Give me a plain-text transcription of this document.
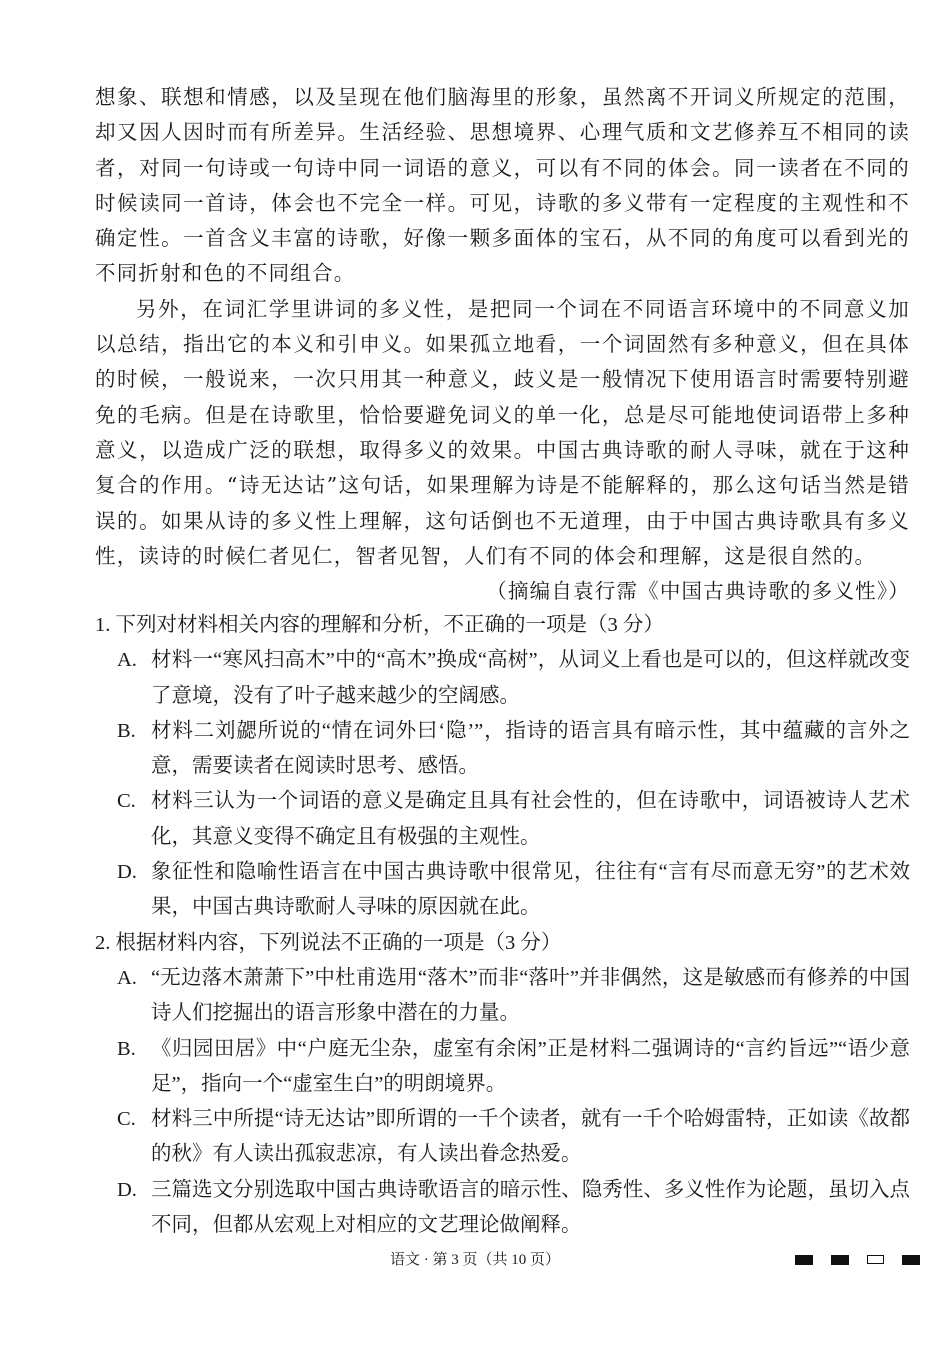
想象、联想和情感，以及呈现在他们脑海里的形象，虽然离不开词义所规定的范围，却又因人因时而有所差异。生活经验、思想境界、心理气质和文艺修养互不相同的读者，对同一句诗或一句诗中同一词语的意义，可以有不同的体会。同一读者在不同的时候读同一首诗，体会也不完全一样。可见，诗歌的多义带有一定程度的主观性和不确定性。一首含义丰富的诗歌，好像一颗多面体的宝石，从不同的角度可以看到光的不同折射和色的不同组合。

另外，在词汇学里讲词的多义性，是把同一个词在不同语言环境中的不同意义加以总结，指出它的本义和引申义。如果孤立地看，一个词固然有多种意义，但在具体的时候，一般说来，一次只用其一种意义，歧义是一般情况下使用语言时需要特别避免的毛病。但是在诗歌里，恰恰要避免词义的单一化，总是尽可能地使词语带上多种意义，以造成广泛的联想，取得多义的效果。中国古典诗歌的耐人寻味，就在于这种复合的作用。“诗无达诂”这句话，如果理解为诗是不能解释的，那么这句话当然是错误的。如果从诗的多义性上理解，这句话倒也不无道理，由于中国古典诗歌具有多义性，读诗的时候仁者见仁，智者见智，人们有不同的体会和理解，这是很自然的。

（摘编自袁行霈《中国古典诗歌的多义性》）

1. 下列对材料相关内容的理解和分析，不正确的一项是（3 分）

A. 材料一“寒风扫高木”中的“高木”换成“高树”，从词义上看也是可以的，但这样就改变了意境，没有了叶子越来越少的空阔感。
B. 材料二刘勰所说的“情在词外曰‘隐’”，指诗的语言具有暗示性，其中蕴藏的言外之意，需要读者在阅读时思考、感悟。
C. 材料三认为一个词语的意义是确定且具有社会性的，但在诗歌中，词语被诗人艺术化，其意义变得不确定且有极强的主观性。
D. 象征性和隐喻性语言在中国古典诗歌中很常见，往往有“言有尽而意无穷”的艺术效果，中国古典诗歌耐人寻味的原因就在此。

2. 根据材料内容，下列说法不正确的一项是（3 分）

A. “无边落木萧萧下”中杜甫选用“落木”而非“落叶”并非偶然，这是敏感而有修养的中国诗人们挖掘出的语言形象中潜在的力量。
B. 《归园田居》中“户庭无尘杂，虚室有余闲”正是材料二强调诗的“言约旨远”“语少意足”，指向一个“虚室生白”的明朗境界。
C. 材料三中所提“诗无达诂”即所谓的一千个读者，就有一千个哈姆雷特，正如读《故都的秋》有人读出孤寂悲凉，有人读出眷念热爱。
D. 三篇选文分别选取中国古典诗歌语言的暗示性、隐秀性、多义性作为论题，虽切入点不同，但都从宏观上对相应的文艺理论做阐释。
语文 · 第 3 页（共 10 页）
